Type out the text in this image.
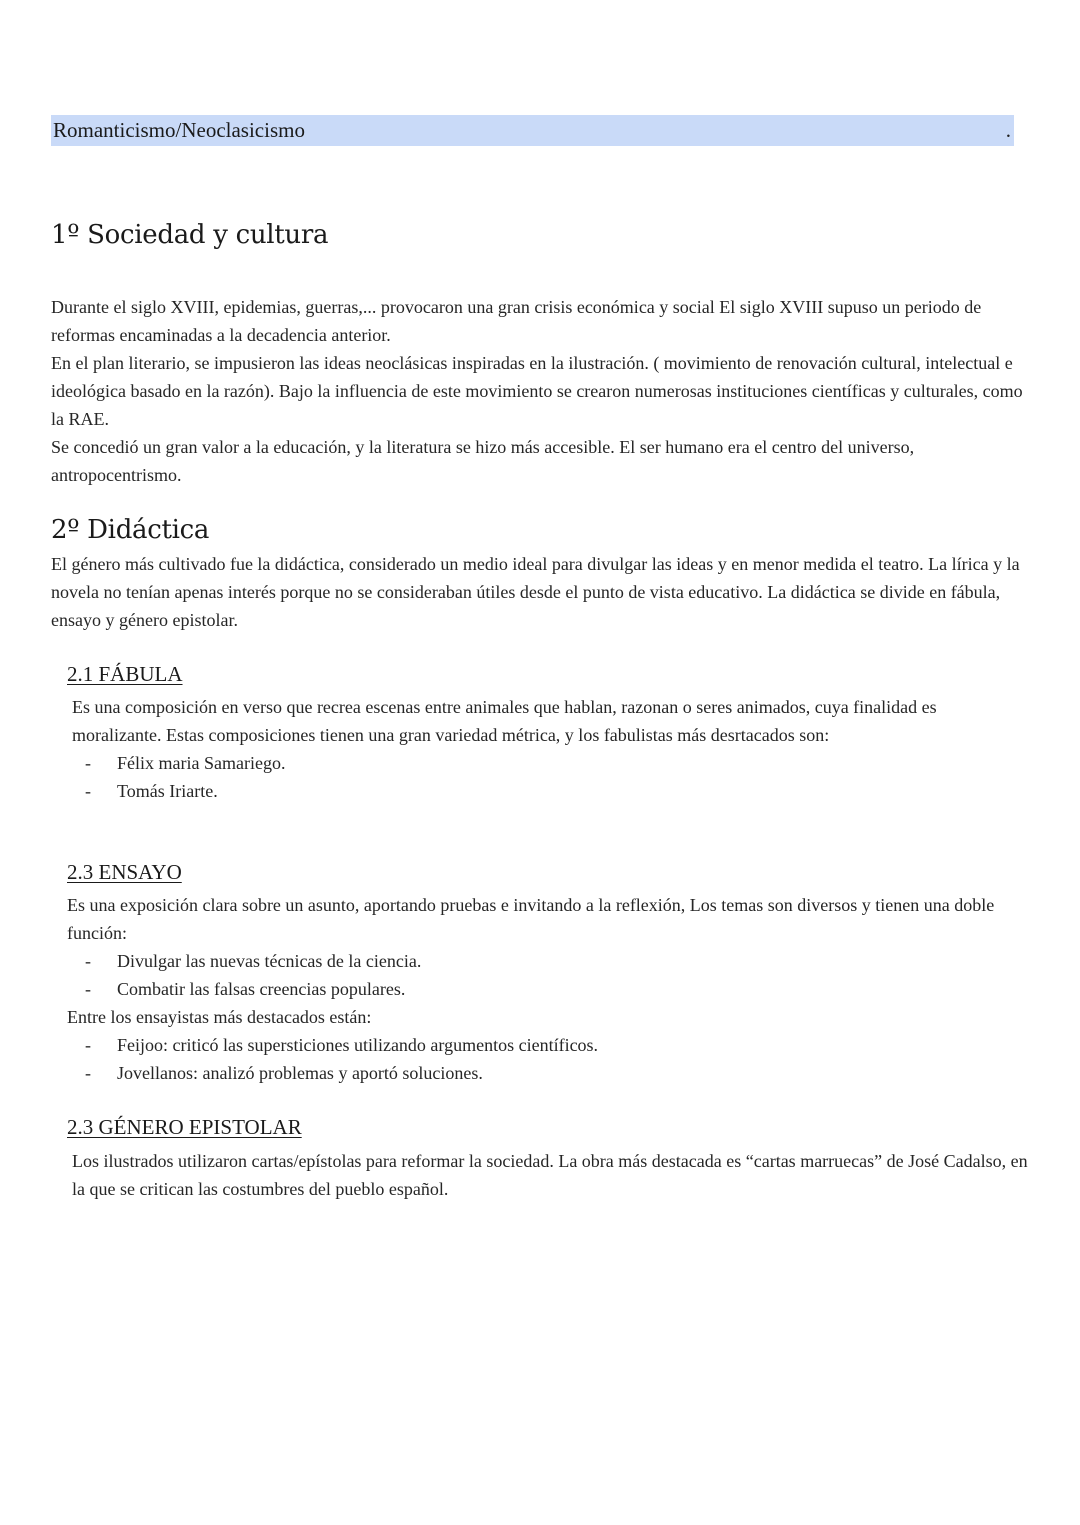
Romanticismo/Neoclasicismo	.
1º Sociedad y cultura

Durante el siglo XVIII, epidemias, guerras,... provocaron una gran crisis económica y social El siglo XVIII supuso un periodo de reformas encaminadas a la decadencia anterior.

En el plan literario, se impusieron las ideas neoclásicas inspiradas en la ilustración. ( movimiento de renovación cultural, intelectual e ideológica basado en la razón). Bajo la influencia de este movimiento se crearon numerosas instituciones científicas y culturales, como la RAE.

Se concedió un gran valor a la educación, y la literatura se hizo más accesible. El ser humano era el centro del universo, antropocentrismo.

2º Didáctica

El género más cultivado fue la didáctica, considerado un medio ideal para divulgar las ideas y en menor medida el teatro. La lírica y la novela no tenían apenas interés porque no se consideraban útiles desde el punto de vista educativo. La didáctica se divide en fábula, ensayo y género epistolar.

2.1 FÁBULA

Es una composición en verso que recrea escenas entre animales que hablan, razonan o seres animados, cuya finalidad es moralizante. Estas composiciones tienen una gran variedad métrica, y los fabulistas más desrtacados son:

- Félix maria Samariego.
- Tomás Iriarte.
2.3 ENSAYO

Es una exposición clara sobre un asunto, aportando pruebas e invitando a la reflexión, Los temas son diversos y tienen una doble función:

- Divulgar las nuevas técnicas de la ciencia.
- Combatir las falsas creencias populares.

Entre los ensayistas más destacados están:

- Feijoo: criticó las supersticiones utilizando argumentos científicos.
- Jovellanos: analizó problemas y aportó soluciones.
2.3 GÉNERO EPISTOLAR

Los ilustrados utilizaron cartas/epístolas para reformar la sociedad. La obra más destacada es “cartas marruecas” de José Cadalso, en la que se critican las costumbres del pueblo español.
